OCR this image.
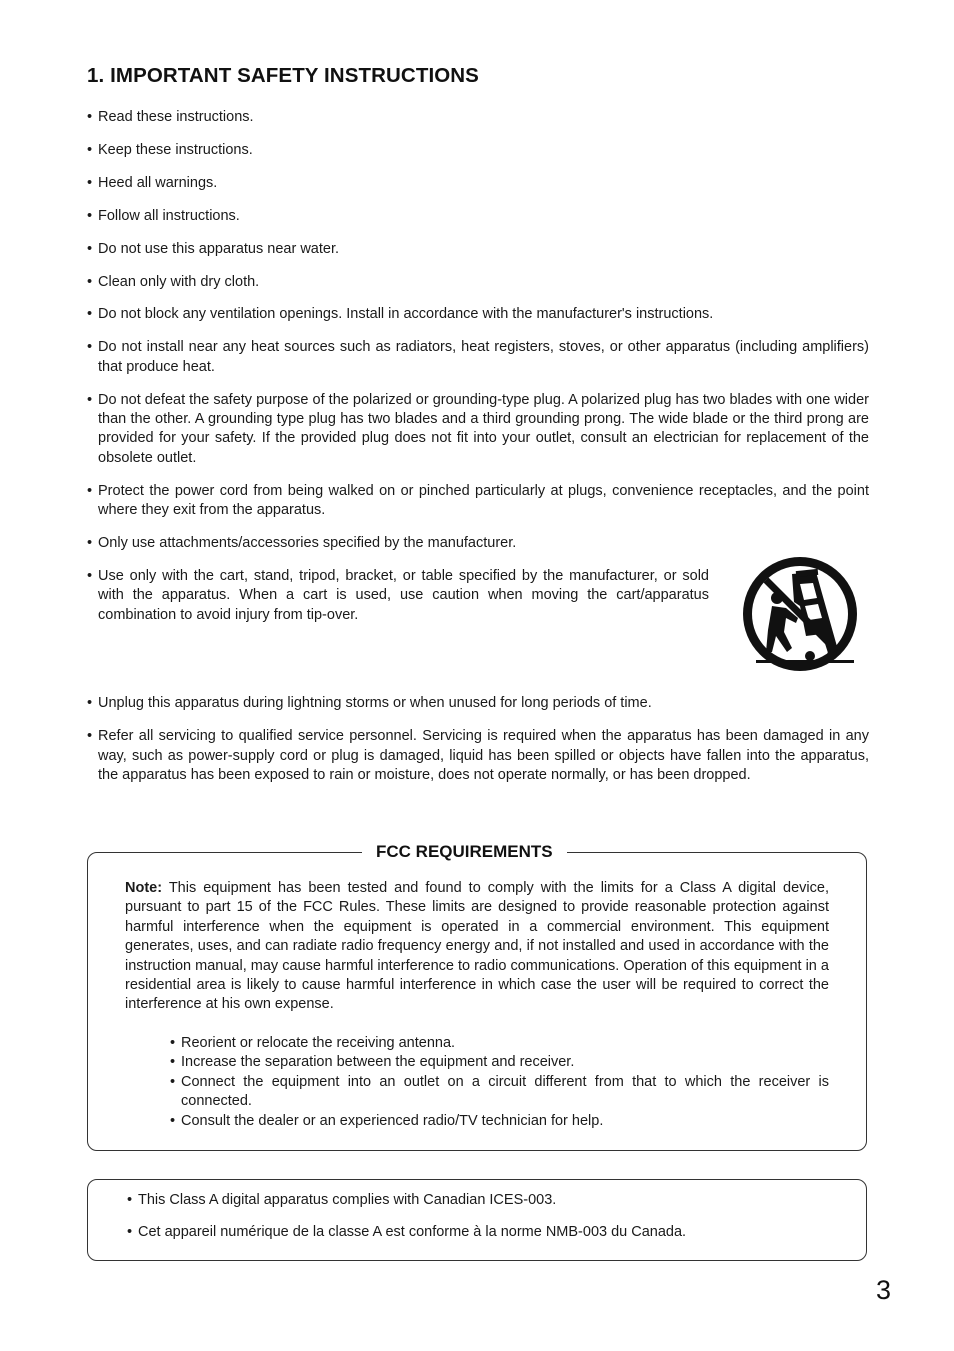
1. IMPORTANT SAFETY INSTRUCTIONS
• Read these instructions.
• Keep these instructions.
• Heed all warnings.
• Follow all instructions.
• Do not use this apparatus near water.
• Clean only with dry cloth.
• Do not block any ventilation openings. Install in accordance with the manufacturer's instructions.
• Do not install near any heat sources such as radiators, heat registers, stoves, or other apparatus (including amplifiers) that produce heat.
• Do not defeat the safety purpose of the polarized or grounding-type plug. A polarized plug has two blades with one wider than the other. A grounding type plug has two blades and a third grounding prong. The wide blade or the third prong are provided for your safety. If the provided plug does not fit into your outlet, consult an electrician for replacement of the obsolete outlet.
• Protect the power cord from being walked on or pinched particularly at plugs, convenience receptacles, and the point where they exit from the apparatus.
• Only use attachments/accessories specified by the manufacturer.
• Use only with the cart, stand, tripod, bracket, or table specified by the manufacturer, or sold with the apparatus. When a cart is used, use caution when moving the cart/apparatus combination to avoid injury from tip-over.
• Unplug this apparatus during lightning storms or when unused for long periods of time.
• Refer all servicing to qualified service personnel. Servicing is required when the apparatus has been damaged in any way, such as power-supply cord or plug is damaged, liquid has been spilled or objects have fallen into the apparatus, the apparatus has been exposed to rain or moisture, does not operate normally, or has been dropped.
FCC REQUIREMENTS

Note: This equipment has been tested and found to comply with the limits for a Class A digital device, pursuant to part 15 of the FCC Rules. These limits are designed to provide reasonable protection against harmful interference when the equipment is operated in a commercial environment. This equipment generates, uses, and can radiate radio frequency energy and, if not installed and used in accordance with the instruction manual, may cause harmful interference to radio communications. Operation of this equipment in a residential area is likely to cause harmful interference in which case the user will be required to correct the interference at his own expense.

• Reorient or relocate the receiving antenna.
• Increase the separation between the equipment and receiver.
• Connect the equipment into an outlet on a circuit different from that to which the receiver is connected.
• Consult the dealer or an experienced radio/TV technician for help.
• This Class A digital apparatus complies with Canadian ICES-003.
• Cet appareil numérique de la classe A est conforme à la norme NMB-003 du Canada.
3
